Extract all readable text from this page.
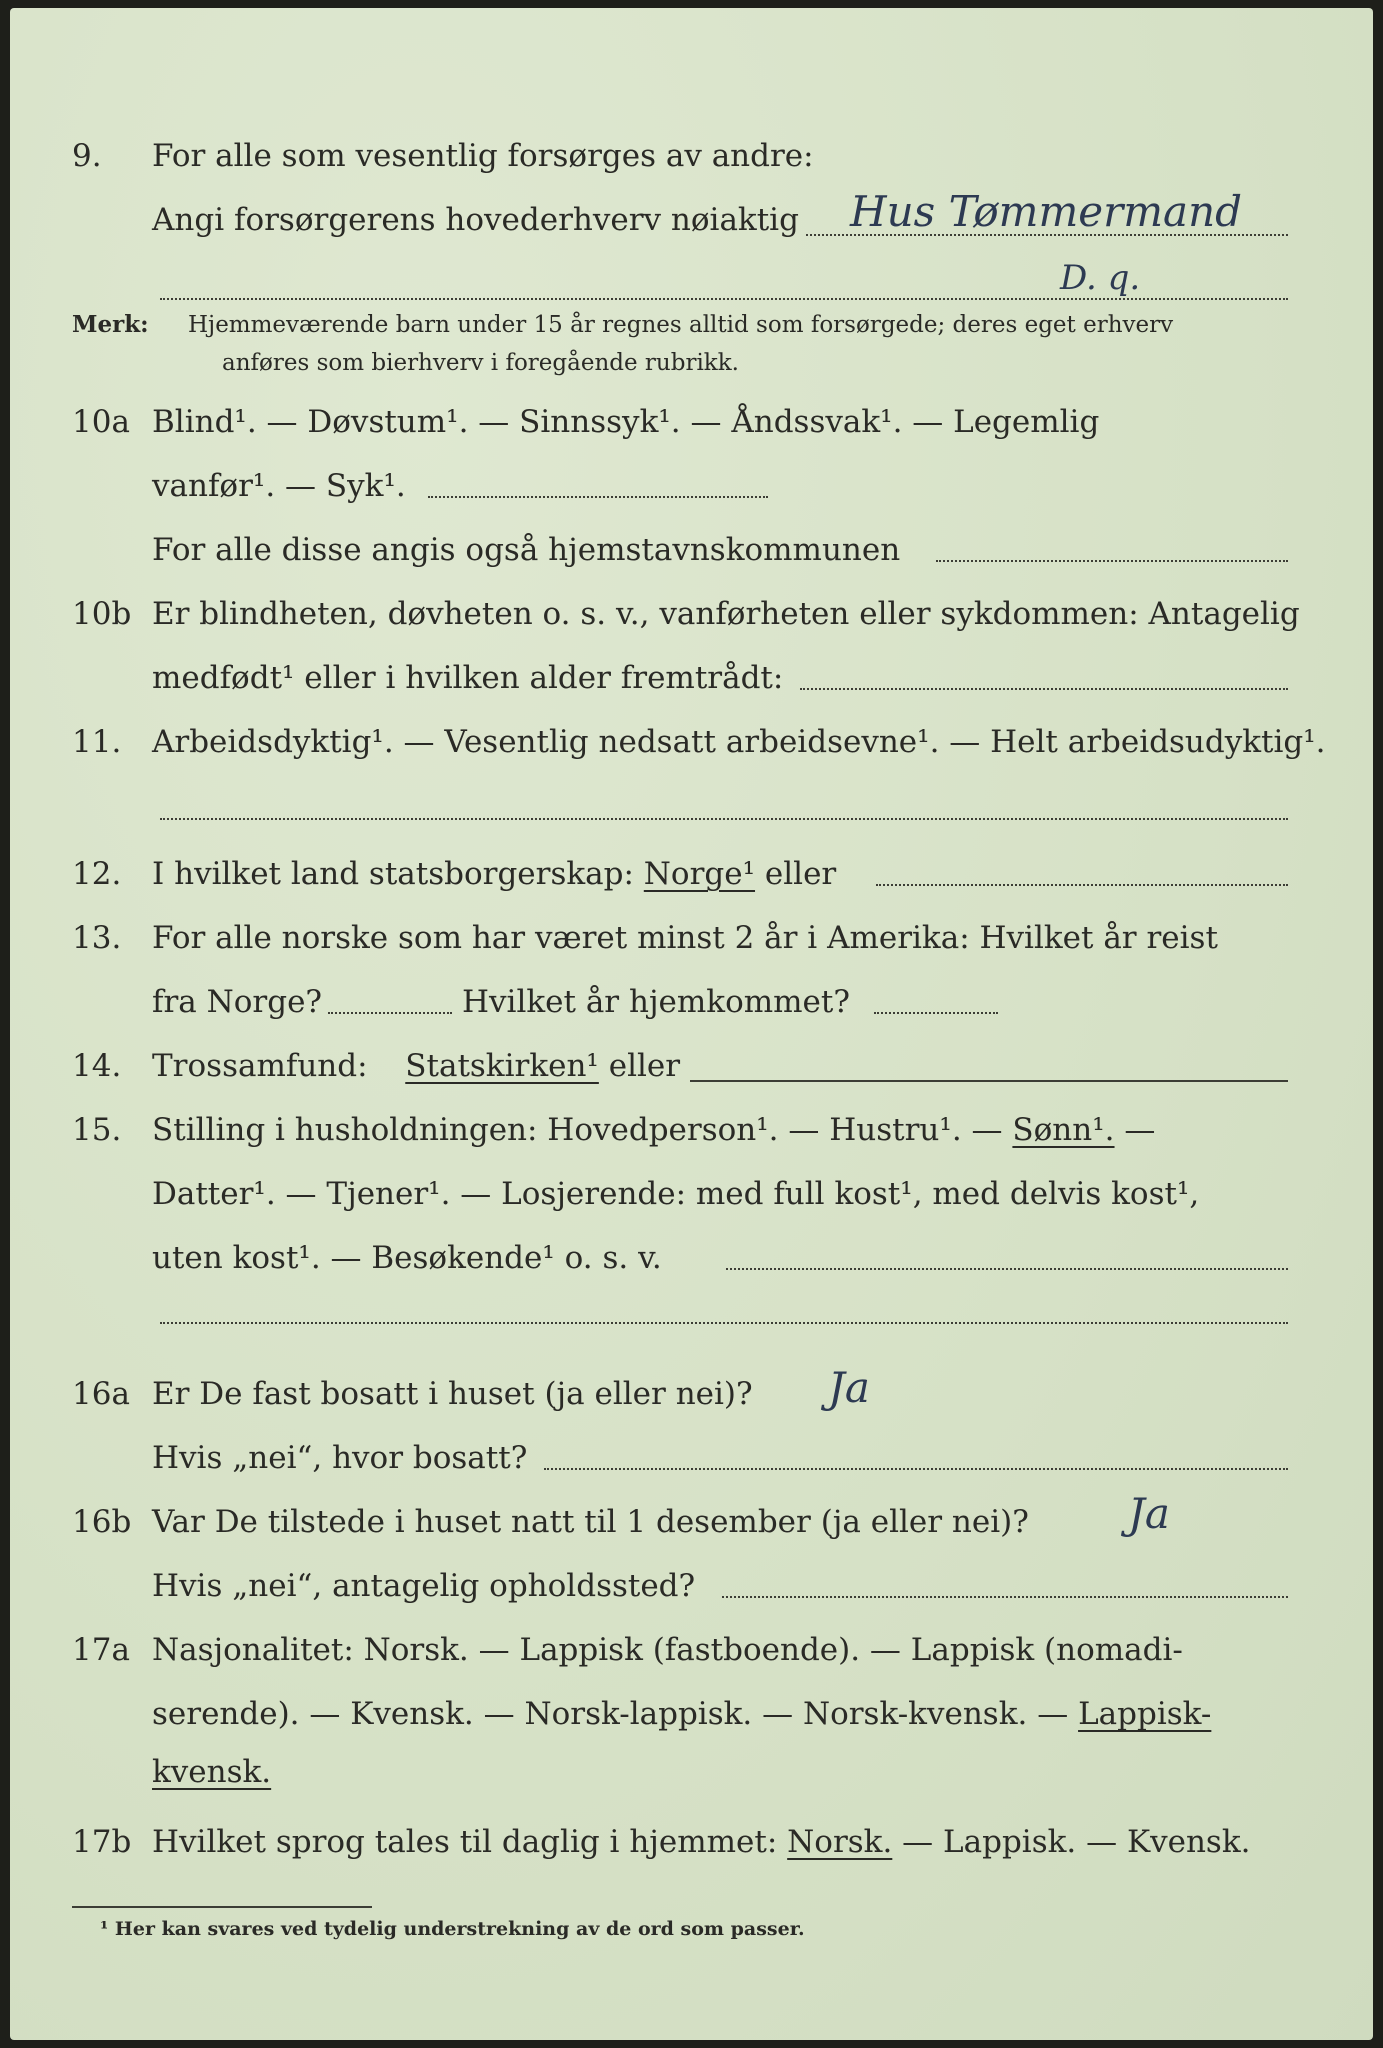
9. For alle som vesentlig forsørges av andre:
Angi forsørgerens hovederhverv nøiaktig Hus Tømmermand
D. q.
Merk: Hjemmeværende barn under 15 år regnes alltid som forsørgede; deres eget erhverv
anføres som bierhverv i foregående rubrikk.
10a Blind¹. — Døvstum¹. — Sinnssyk¹. — Åndssvak¹. — Legemlig
vanfør¹. — Syk¹.
For alle disse angis også hjemstavnskommunen
10b Er blindheten, døvheten o. s. v., vanførheten eller sykdommen: Antagelig
medfødt¹ eller i hvilken alder fremtrådt:
11. Arbeidsdyktig¹. — Vesentlig nedsatt arbeidsevne¹. — Helt arbeidsudyktig¹.
12. I hvilket land statsborgerskap: Norge¹ eller
13. For alle norske som har været minst 2 år i Amerika: Hvilket år reist
fra Norge?	Hvilket år hjemkommet?
14. Trossamfund: Statskirken¹ eller
15. Stilling i husholdningen: Hovedperson¹. — Hustru¹. — Sønn¹. —
Datter¹. — Tjener¹. — Losjerende: med full kost¹, med delvis kost¹,
uten kost¹. — Besøkende¹ o. s. v.
16a Er De fast bosatt i huset (ja eller nei)? Ja
Hvis „nei“, hvor bosatt?
16b Var De tilstede i huset natt til 1 desember (ja eller nei)? Ja
Hvis „nei“, antagelig opholdssted?
17a Nasjonalitet: Norsk. — Lappisk (fastboende). — Lappisk (nomadi-
serende). — Kvensk. — Norsk-lappisk. — Norsk-kvensk. — Lappisk-
kvensk.
17b Hvilket sprog tales til daglig i hjemmet: Norsk. — Lappisk. — Kvensk.
¹ Her kan svares ved tydelig understrekning av de ord som passer.
